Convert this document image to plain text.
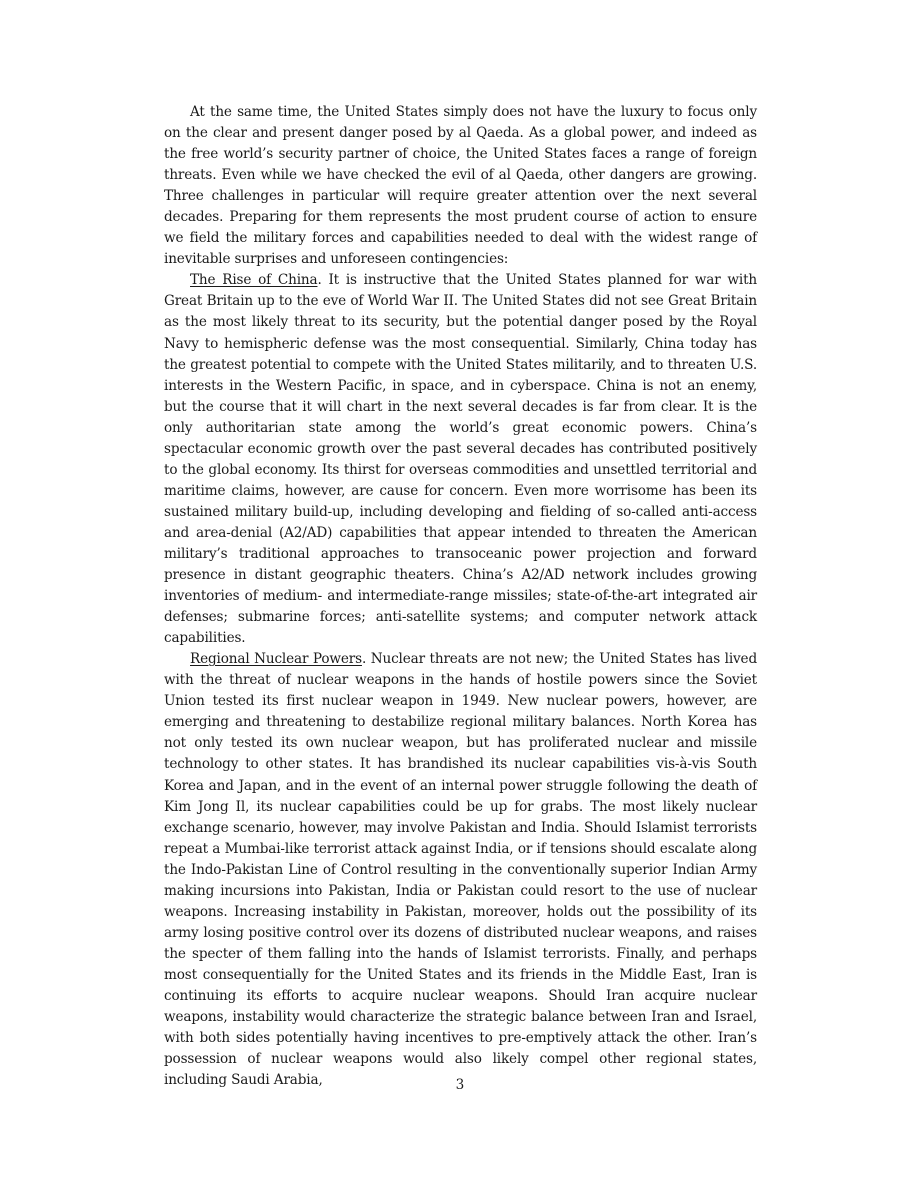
At the same time, the United States simply does not have the luxury to focus only on the clear and present danger posed by al Qaeda. As a global power, and indeed as the free world’s security partner of choice, the United States faces a range of foreign threats. Even while we have checked the evil of al Qaeda, other dangers are growing. Three challenges in particular will require greater attention over the next several decades. Preparing for them represents the most prudent course of action to ensure we field the military forces and capabilities needed to deal with the widest range of inevitable surprises and unforeseen contingencies:

The Rise of China. It is instructive that the United States planned for war with Great Britain up to the eve of World War II. The United States did not see Great Britain as the most likely threat to its security, but the potential danger posed by the Royal Navy to hemispheric defense was the most consequential. Similarly, China today has the greatest potential to compete with the United States militarily, and to threaten U.S. interests in the Western Pacific, in space, and in cyberspace. China is not an enemy, but the course that it will chart in the next several decades is far from clear. It is the only authoritarian state among the world’s great economic powers. China’s spectacular economic growth over the past several decades has contributed positively to the global economy. Its thirst for overseas commodities and unsettled territorial and maritime claims, however, are cause for concern. Even more worrisome has been its sustained military build-up, including developing and fielding of so-called anti-access and area-denial (A2/AD) capabilities that appear intended to threaten the American military’s traditional approaches to transoceanic power projection and forward presence in distant geographic theaters. China’s A2/AD network includes growing inventories of medium- and intermediate-range missiles; state-of-the-art integrated air defenses; submarine forces; anti-satellite systems; and computer network attack capabilities.

Regional Nuclear Powers. Nuclear threats are not new; the United States has lived with the threat of nuclear weapons in the hands of hostile powers since the Soviet Union tested its first nuclear weapon in 1949. New nuclear powers, however, are emerging and threatening to destabilize regional military balances. North Korea has not only tested its own nuclear weapon, but has proliferated nuclear and missile technology to other states. It has brandished its nuclear capabilities vis-à-vis South Korea and Japan, and in the event of an internal power struggle following the death of Kim Jong Il, its nuclear capabilities could be up for grabs. The most likely nuclear exchange scenario, however, may involve Pakistan and India. Should Islamist terrorists repeat a Mumbai-like terrorist attack against India, or if tensions should escalate along the Indo-Pakistan Line of Control resulting in the conventionally superior Indian Army making incursions into Pakistan, India or Pakistan could resort to the use of nuclear weapons. Increasing instability in Pakistan, moreover, holds out the possibility of its army losing positive control over its dozens of distributed nuclear weapons, and raises the specter of them falling into the hands of Islamist terrorists. Finally, and perhaps most consequentially for the United States and its friends in the Middle East, Iran is continuing its efforts to acquire nuclear weapons. Should Iran acquire nuclear weapons, instability would characterize the strategic balance between Iran and Israel, with both sides potentially having incentives to pre-emptively attack the other. Iran’s possession of nuclear weapons would also likely compel other regional states, including Saudi Arabia,	3
